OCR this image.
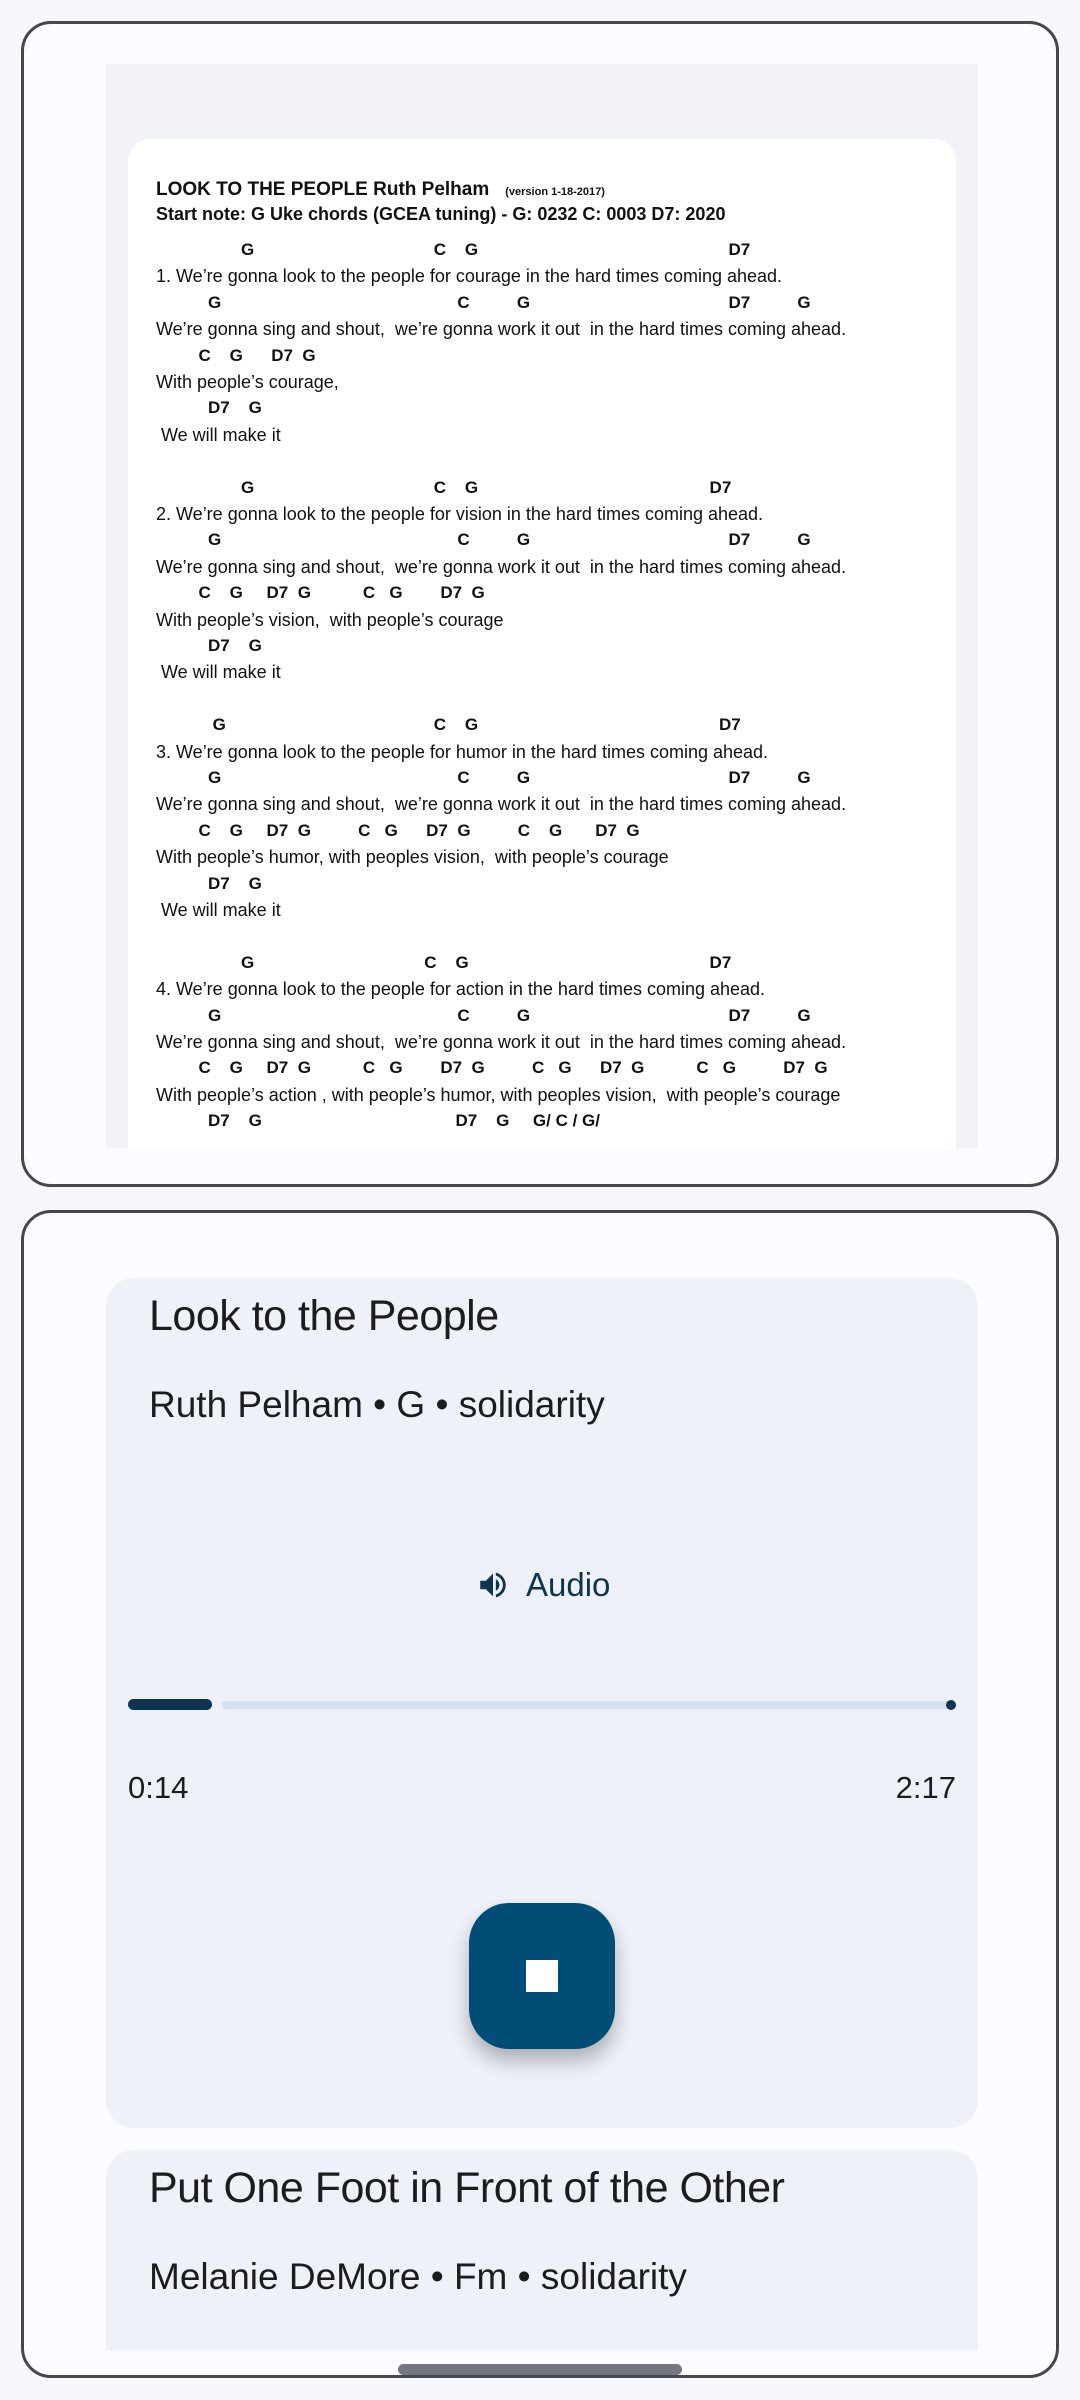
LOOK TO THE PEOPLE Ruth Pelham (version 1-18-2017)
Start note: G Uke chords (GCEA tuning) - G: 0232 C: 0003 D7: 2020
G                                      C    G                                                     D7
1. We’re gonna look to the people for courage in the hard times coming ahead.
G                                                  C          G                                          D7          G
We’re gonna sing and shout,  we’re gonna work it out  in the hard times coming ahead.
C    G      D7  G
With people’s courage,
D7    G
We will make it
G                                      C    G                                                 D7
2. We’re gonna look to the people for vision in the hard times coming ahead.
G                                                  C          G                                          D7          G
We’re gonna sing and shout,  we’re gonna work it out  in the hard times coming ahead.
C    G     D7  G           C   G        D7  G
With people’s vision,  with people’s courage
D7    G
We will make it
G                                            C    G                                                   D7
3. We’re gonna look to the people for humor in the hard times coming ahead.
G                                                  C          G                                          D7          G
We’re gonna sing and shout,  we’re gonna work it out  in the hard times coming ahead.
C    G     D7  G          C   G      D7  G          C    G       D7  G
With people’s humor, with peoples vision,  with people’s courage
D7    G
We will make it
G                                    C    G                                                   D7
4. We’re gonna look to the people for action in the hard times coming ahead.
G                                                  C          G                                          D7          G
We’re gonna sing and shout,  we’re gonna work it out  in the hard times coming ahead.
C    G     D7  G           C   G        D7  G          C   G      D7  G           C   G          D7  G
With people’s action , with people’s humor, with peoples vision,  with people’s courage
D7    G                                         D7    G     G/ C / G/
Look to the People
Ruth Pelham • G • solidarity
Audio
0:14	2:17
Put One Foot in Front of the Other
Melanie DeMore • Fm • solidarity
